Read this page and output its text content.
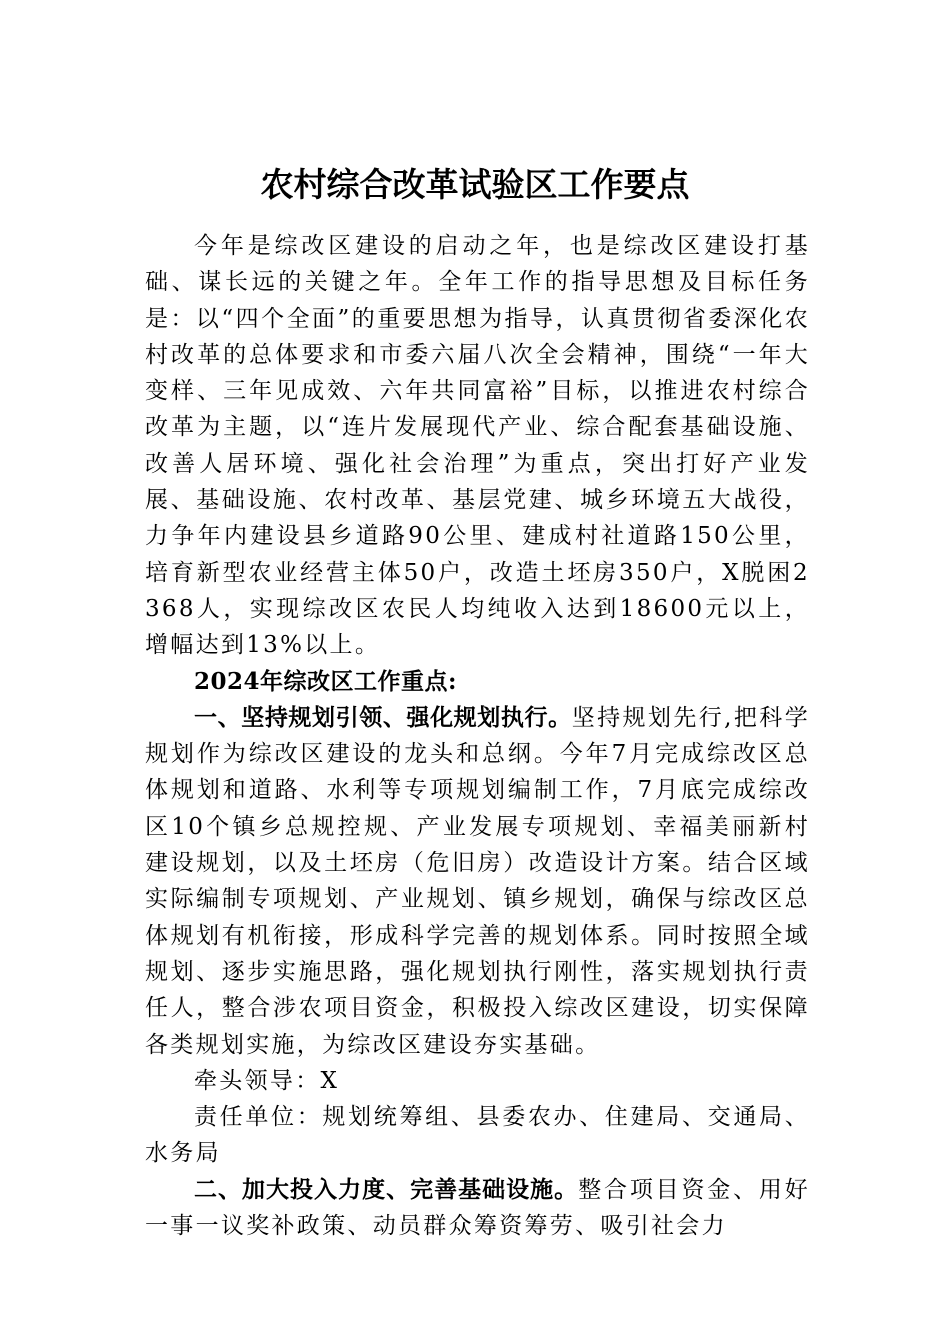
农村综合改革试验区工作要点

今年是综改区建设的启动之年，也是综改区建设打基础、谋长远的关键之年。全年工作的指导思想及目标任务是：以“四个全面”的重要思想为指导，认真贯彻省委深化农村改革的总体要求和市委六届八次全会精神，围绕“一年大变样、三年见成效、六年共同富裕”目标，以推进农村综合改革为主题，以“连片发展现代产业、综合配套基础设施、改善人居环境、强化社会治理”为重点，突出打好产业发展、基础设施、农村改革、基层党建、城乡环境五大战役，力争年内建设县乡道路90公里、建成村社道路150公里，培育新型农业经营主体50户，改造土坯房350户，X脱困2368人，实现综改区农民人均纯收入达到18600元以上，增幅达到13%以上。

2024年综改区工作重点:

一、坚持规划引领、强化规划执行。坚持规划先行,把科学规划作为综改区建设的龙头和总纲。今年7月完成综改区总体规划和道路、水利等专项规划编制工作，7月底完成综改区10个镇乡总规控规、产业发展专项规划、幸福美丽新村建设规划，以及土坯房（危旧房）改造设计方案。结合区域实际编制专项规划、产业规划、镇乡规划，确保与综改区总体规划有机衔接，形成科学完善的规划体系。同时按照全域规划、逐步实施思路，强化规划执行刚性，落实规划执行责任人，整合涉农项目资金，积极投入综改区建设，切实保障各类规划实施，为综改区建设夯实基础。

牵头领导：X

责任单位：规划统筹组、县委农办、住建局、交通局、水务局

二、加大投入力度、完善基础设施。整合项目资金、用好一事一议奖补政策、动员群众筹资筹劳、吸引社会力
